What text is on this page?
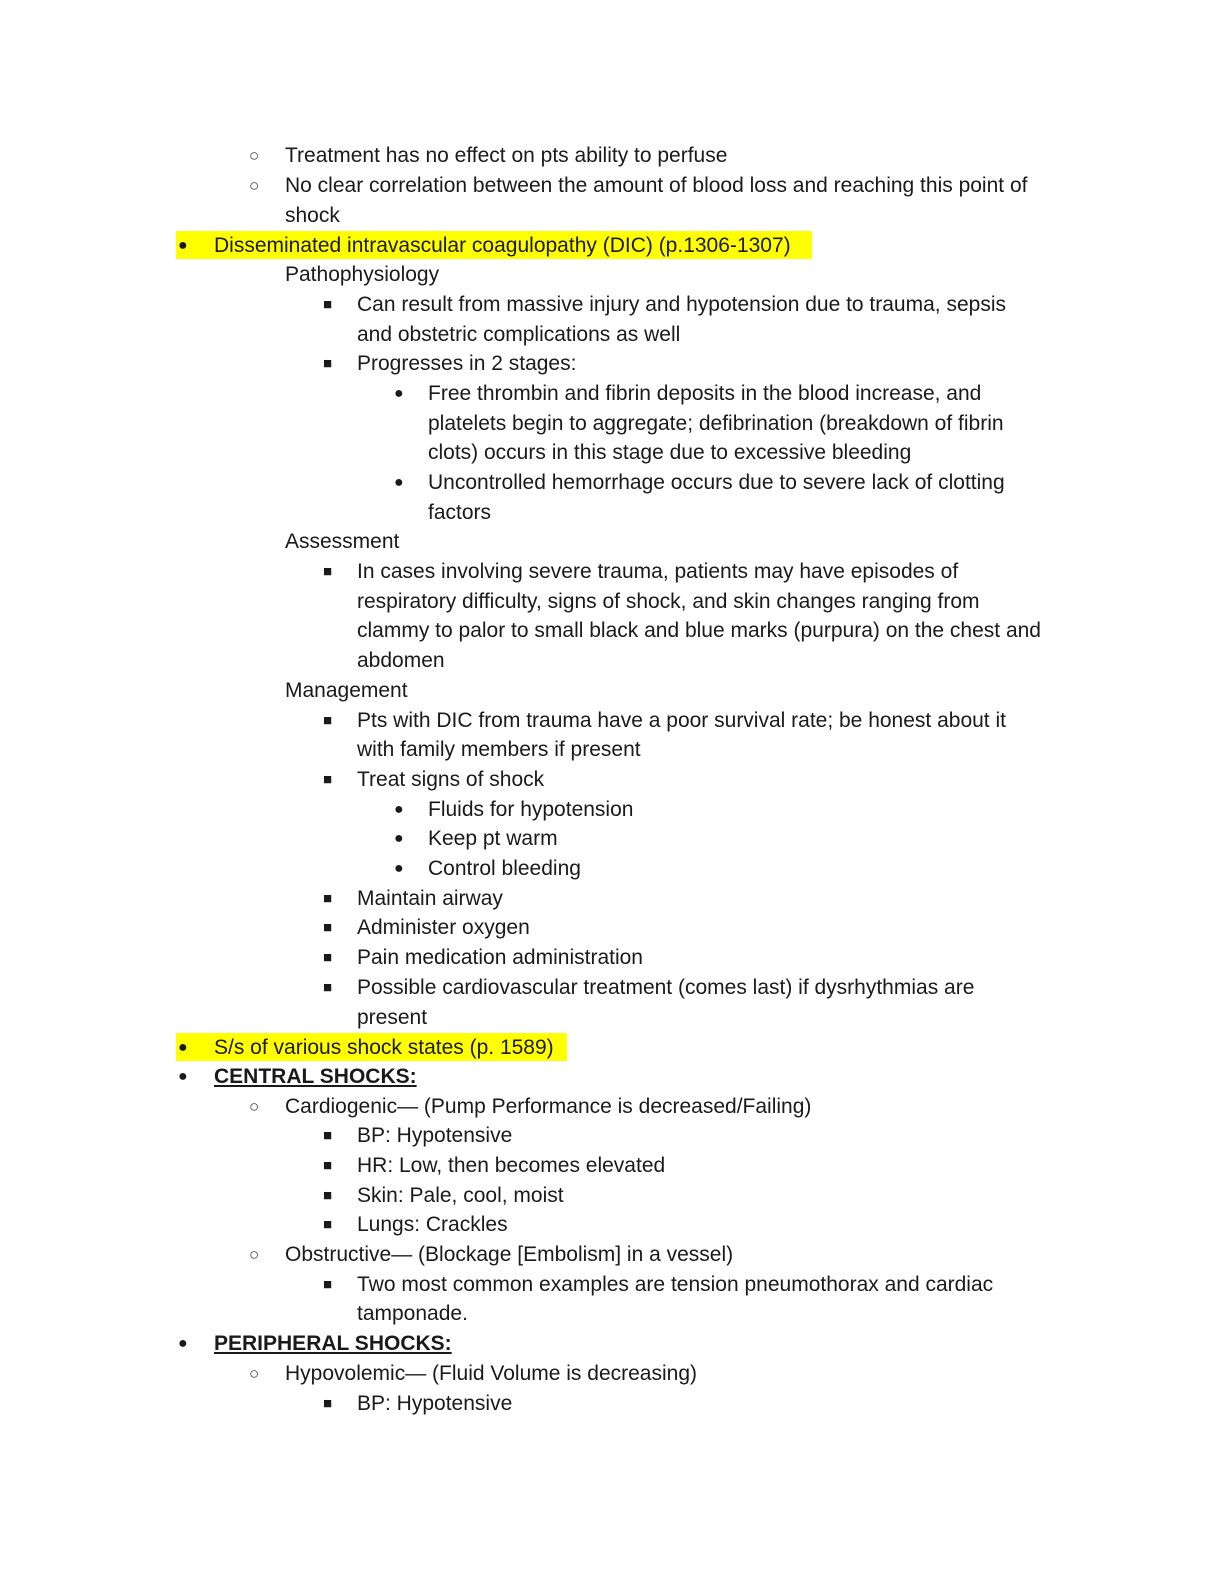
○ Treatment has no effect on pts ability to perfuse
○ No clear correlation between the amount of blood loss and reaching this point of
shock
● Disseminated intravascular coagulopathy (DIC) (p.1306-1307)
Pathophysiology
■ Can result from massive injury and hypotension due to trauma, sepsis
and obstetric complications as well
■ Progresses in 2 stages:
● Free thrombin and fibrin deposits in the blood increase, and
platelets begin to aggregate; defibrination (breakdown of fibrin
clots) occurs in this stage due to excessive bleeding
● Uncontrolled hemorrhage occurs due to severe lack of clotting
factors
Assessment
■ In cases involving severe trauma, patients may have episodes of
respiratory difficulty, signs of shock, and skin changes ranging from
clammy to palor to small black and blue marks (purpura) on the chest and
abdomen
Management
■ Pts with DIC from trauma have a poor survival rate; be honest about it
with family members if present
■ Treat signs of shock
● Fluids for hypotension
● Keep pt warm
● Control bleeding
■ Maintain airway
■ Administer oxygen
■ Pain medication administration
■ Possible cardiovascular treatment (comes last) if dysrhythmias are
present
● S/s of various shock states (p. 1589)
● CENTRAL SHOCKS:
○ Cardiogenic— (Pump Performance is decreased/Failing)
■ BP: Hypotensive
■ HR: Low, then becomes elevated
■ Skin: Pale, cool, moist
■ Lungs: Crackles
○ Obstructive— (Blockage [Embolism] in a vessel)
■ Two most common examples are tension pneumothorax and cardiac
tamponade.
● PERIPHERAL SHOCKS:
○ Hypovolemic— (Fluid Volume is decreasing)
■ BP: Hypotensive
